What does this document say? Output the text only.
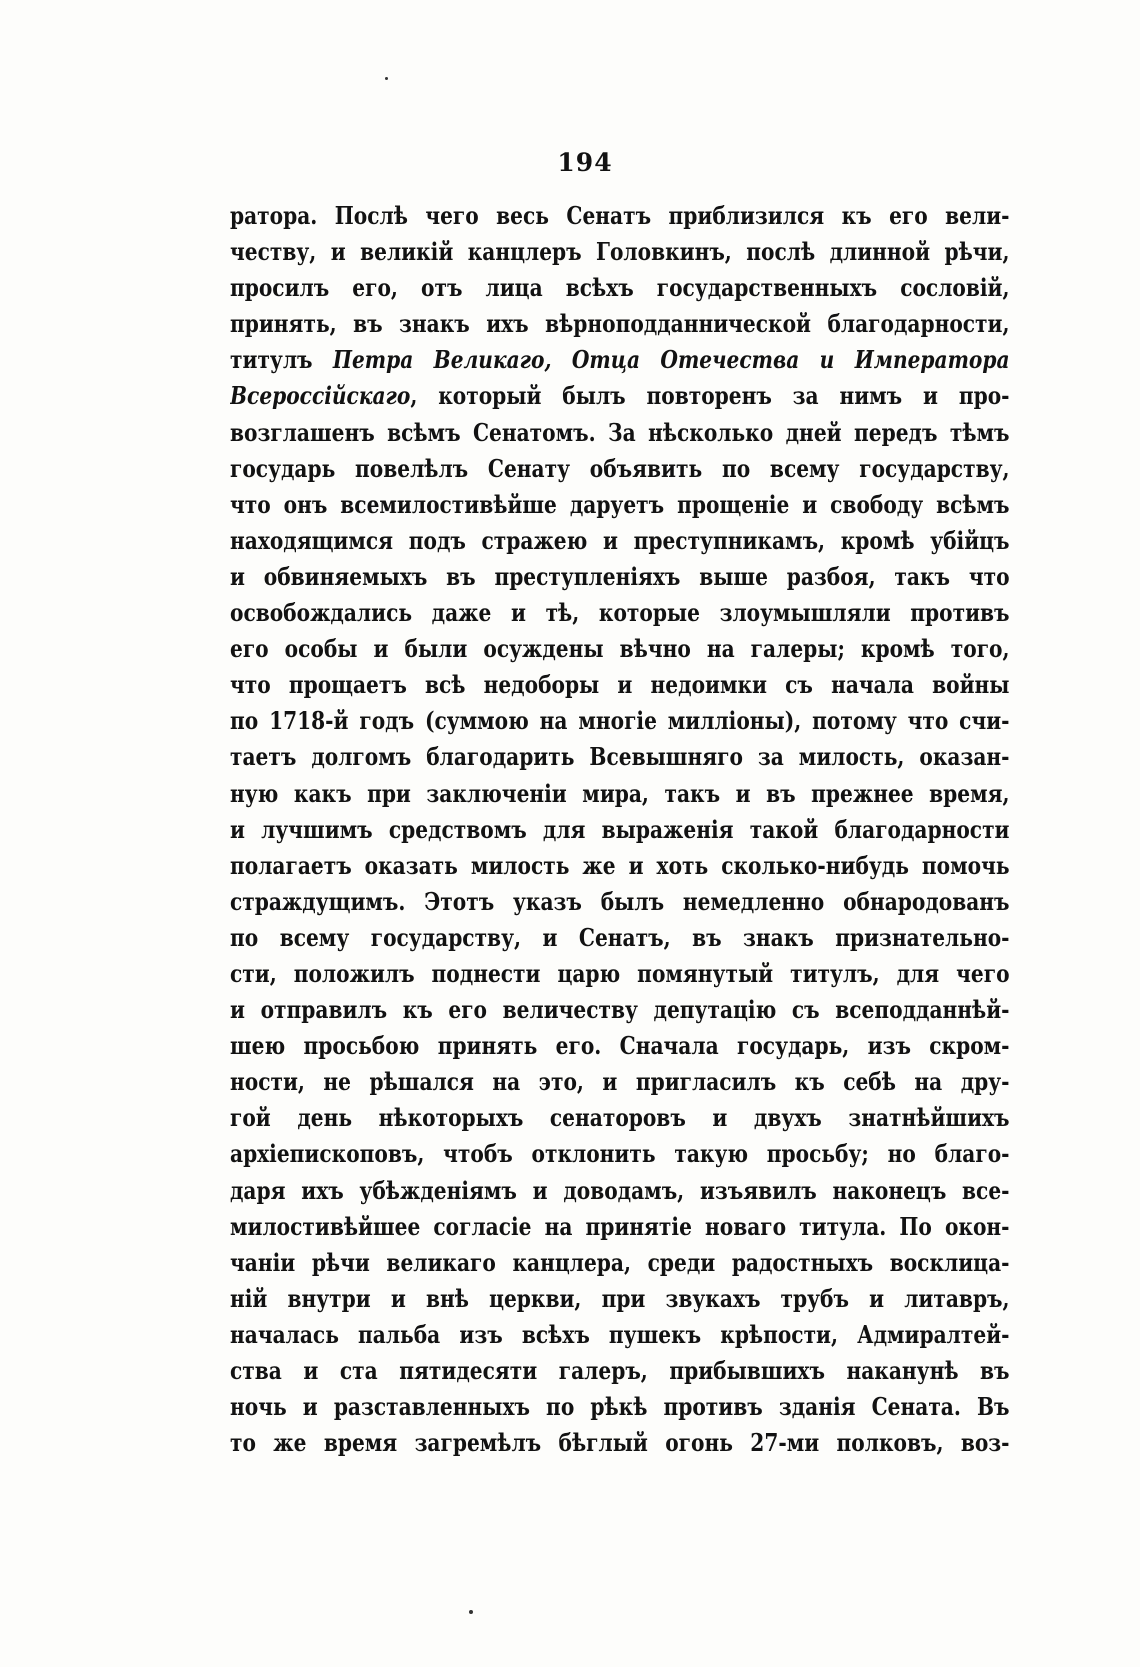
194
ратора. Послѣ чего весь Сенатъ приблизился къ его вели-
честву, и великій канцлеръ Головкинъ, послѣ длинной рѣчи,
просилъ его, отъ лица всѣхъ государственныхъ сословій,
принять, въ знакъ ихъ вѣрноподданнической благодарности,
титулъ Петра Великаго, Отца Отечества и Императора
Всероссійскаго, который былъ повторенъ за нимъ и про-
возглашенъ всѣмъ Сенатомъ. За нѣсколько дней передъ тѣмъ
государь повелѣлъ Сенату объявить по всему государству,
что онъ всемилостивѣйше даруетъ прощеніе и свободу всѣмъ
находящимся подъ стражею и преступникамъ, кромѣ убійцъ
и обвиняемыхъ въ преступленіяхъ выше разбоя, такъ что
освобождались даже и тѣ, которые злоумышляли противъ
его особы и были осуждены вѣчно на галеры; кромѣ того,
что прощаетъ всѣ недоборы и недоимки съ начала войны
по 1718-й годъ (суммою на многіе милліоны), потому что счи-
таетъ долгомъ благодарить Всевышняго за милость, оказан-
ную какъ при заключеніи мира, такъ и въ прежнее время,
и лучшимъ средствомъ для выраженія такой благодарности
полагаетъ оказать милость же и хоть сколько-нибудь помочь
страждущимъ. Этотъ указъ былъ немедленно обнародованъ
по всему государству, и Сенатъ, въ знакъ признательно-
сти, положилъ поднести царю помянутый титулъ, для чего
и отправилъ къ его величеству депутацію съ всеподданнѣй-
шею просьбою принять его. Сначала государь, изъ скром-
ности, не рѣшался на это, и пригласилъ къ себѣ на дру-
гой день нѣкоторыхъ сенаторовъ и двухъ знатнѣйшихъ
архіепископовъ, чтобъ отклонить такую просьбу; но благо-
даря ихъ убѣжденіямъ и доводамъ, изъявилъ наконецъ все-
милостивѣйшее согласіе на принятіе новаго титула. По окон-
чаніи рѣчи великаго канцлера, среди радостныхъ восклица-
ній внутри и внѣ церкви, при звукахъ трубъ и литавръ,
началась пальба изъ всѣхъ пушекъ крѣпости, Адмиралтей-
ства и ста пятидесяти галеръ, прибывшихъ наканунѣ въ
ночь и разставленныхъ по рѣкѣ противъ зданія Сената. Въ
то же время загремѣлъ бѣглый огонь 27-ми полковъ, воз-
